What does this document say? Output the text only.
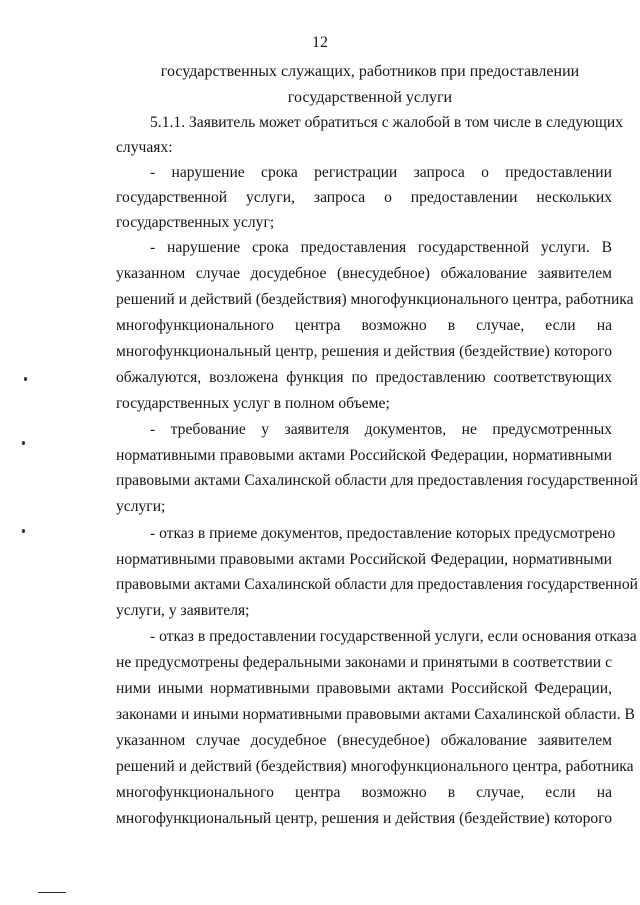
12
государственных служащих, работников при предоставлении
государственной услуги
5.1.1. Заявитель может обратиться с жалобой в том числе в следующих
случаях:
- нарушение срока регистрации запроса о предоставлении
государственной услуги, запроса о предоставлении нескольких
государственных услуг;
- нарушение срока предоставления государственной услуги. В
указанном случае досудебное (внесудебное) обжалование заявителем
решений и действий (бездействия) многофункционального центра, работника
многофункционального центра возможно в случае, если на
многофункциональный центр, решения и действия (бездействие) которого
обжалуются, возложена функция по предоставлению соответствующих
государственных услуг в полном объеме;
- требование у заявителя документов, не предусмотренных
нормативными правовыми актами Российской Федерации, нормативными
правовыми актами Сахалинской области для предоставления государственной
услуги;
- отказ в приеме документов, предоставление которых предусмотрено
нормативными правовыми актами Российской Федерации, нормативными
правовыми актами Сахалинской области для предоставления государственной
услуги, у заявителя;
- отказ в предоставлении государственной услуги, если основания отказа
не предусмотрены федеральными законами и принятыми в соответствии с
ними иными нормативными правовыми актами Российской Федерации,
законами и иными нормативными правовыми актами Сахалинской области. В
указанном случае досудебное (внесудебное) обжалование заявителем
решений и действий (бездействия) многофункционального центра, работника
многофункционального центра возможно в случае, если на
многофункциональный центр, решения и действия (бездействие) которого
